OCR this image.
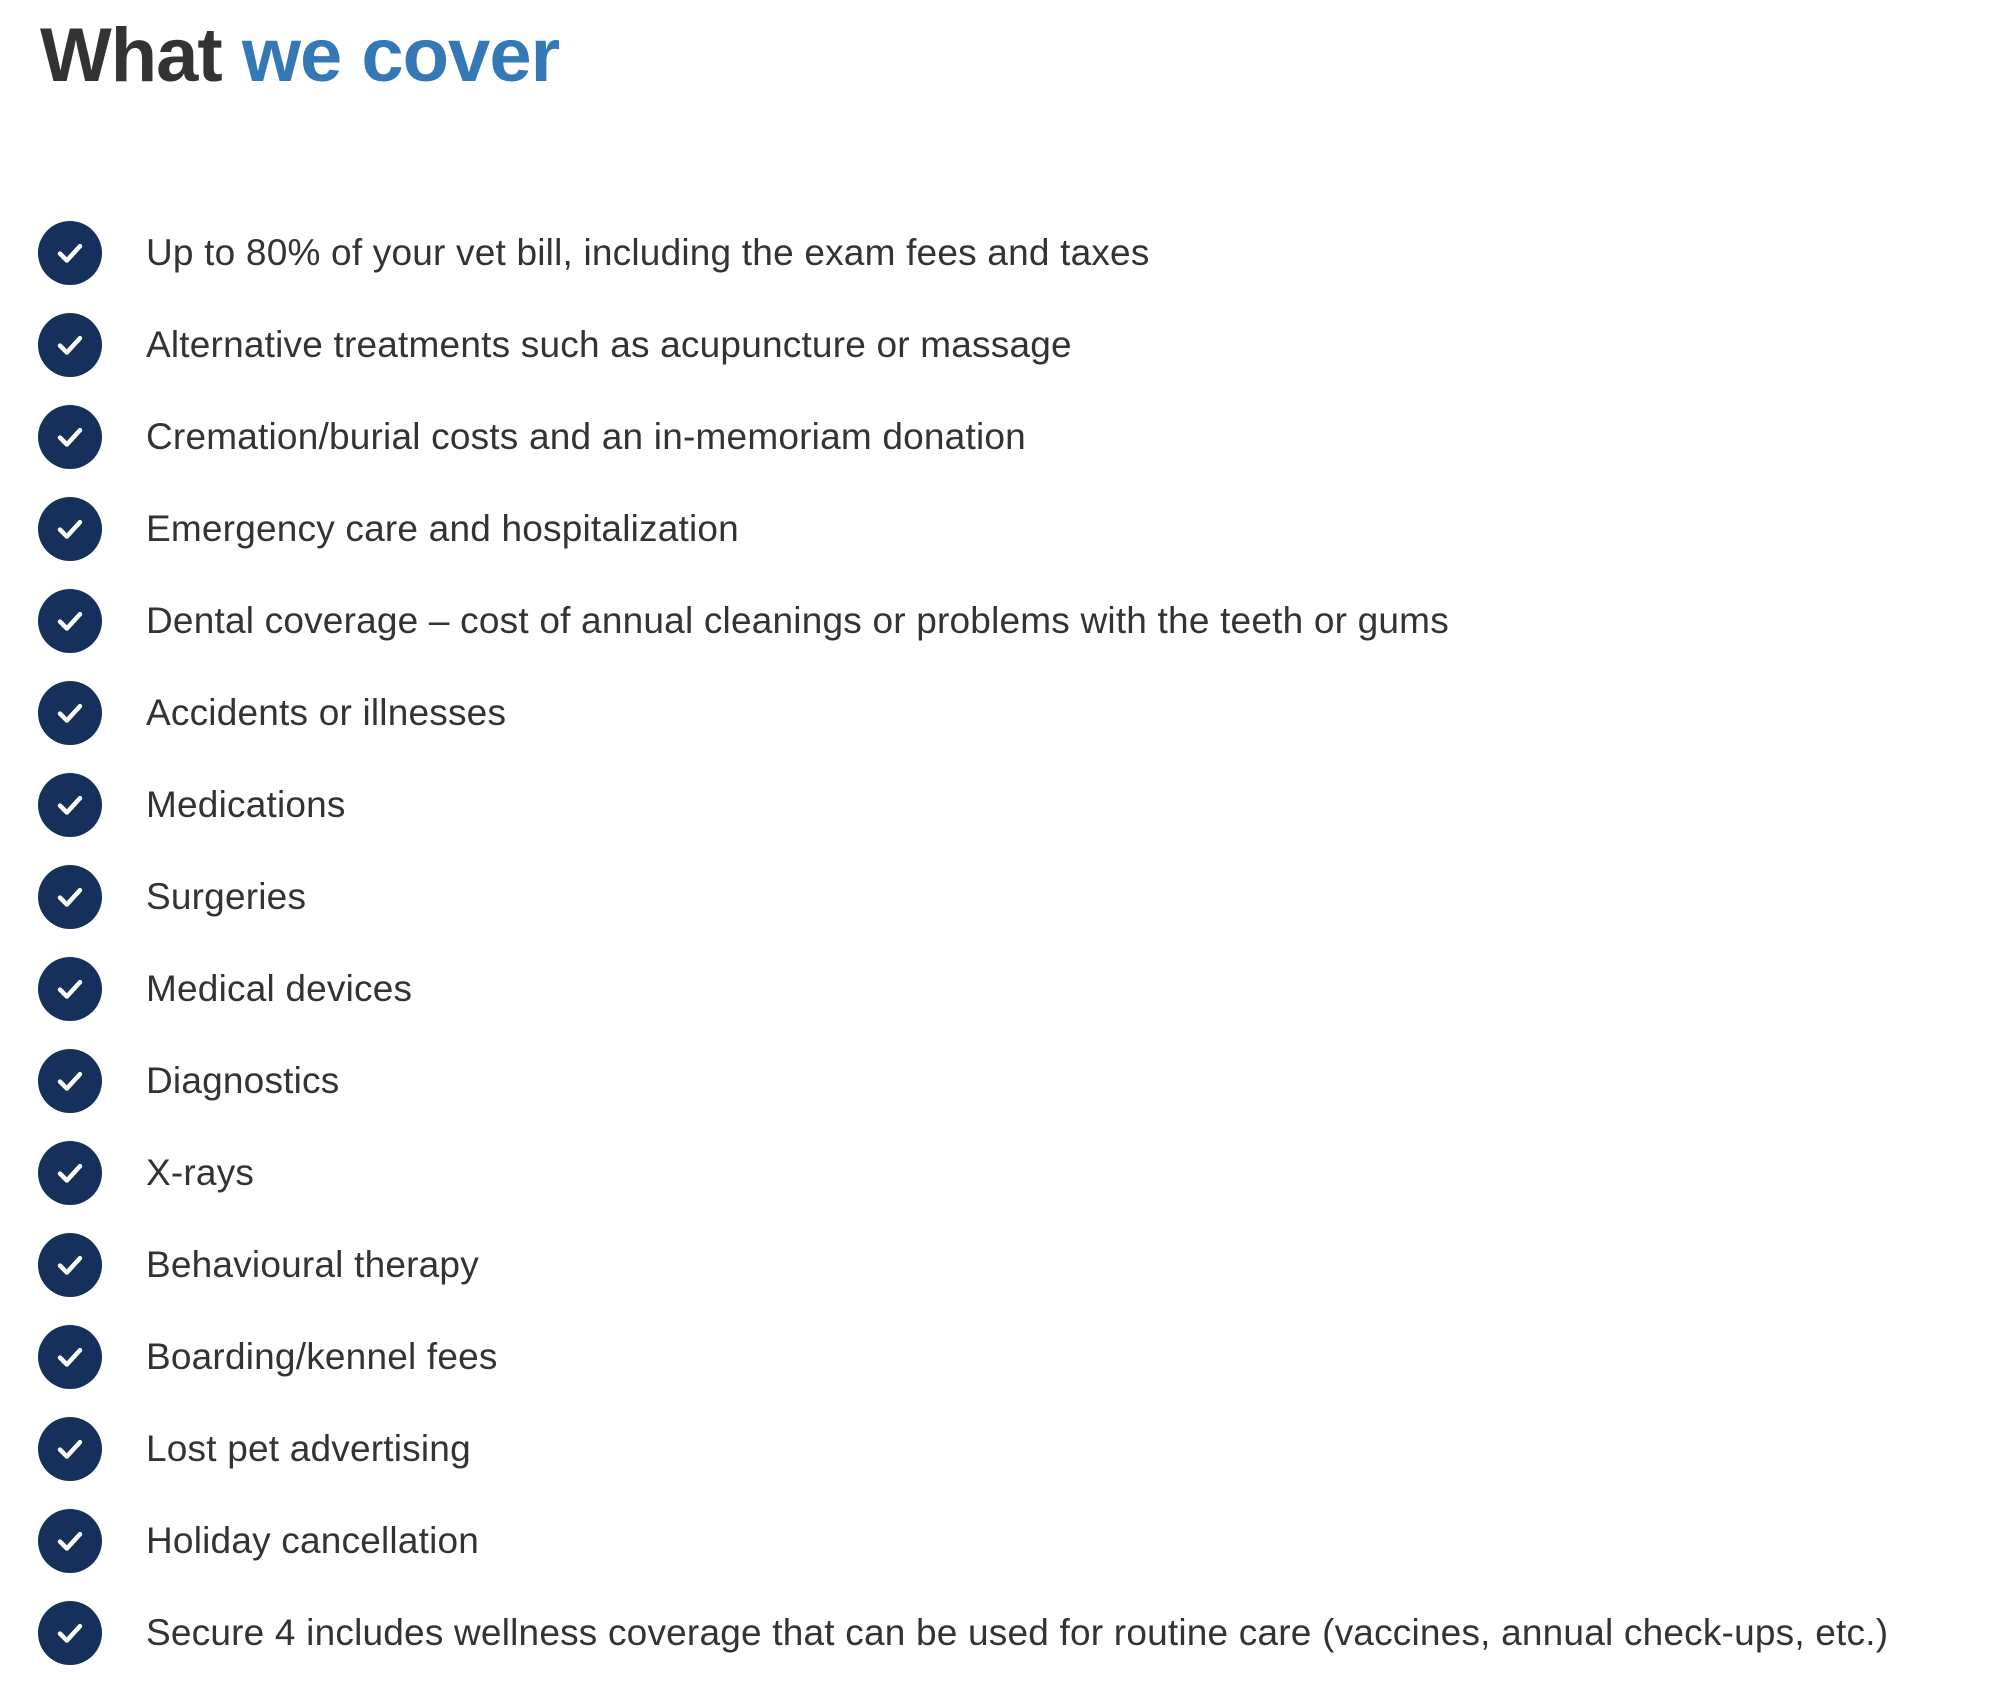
What we cover
Up to 80% of your vet bill, including the exam fees and taxes
Alternative treatments such as acupuncture or massage
Cremation/burial costs and an in-memoriam donation
Emergency care and hospitalization
Dental coverage – cost of annual cleanings or problems with the teeth or gums
Accidents or illnesses
Medications
Surgeries
Medical devices
Diagnostics
X-rays
Behavioural therapy
Boarding/kennel fees
Lost pet advertising
Holiday cancellation
Secure 4 includes wellness coverage that can be used for routine care (vaccines, annual check-ups, etc.)
